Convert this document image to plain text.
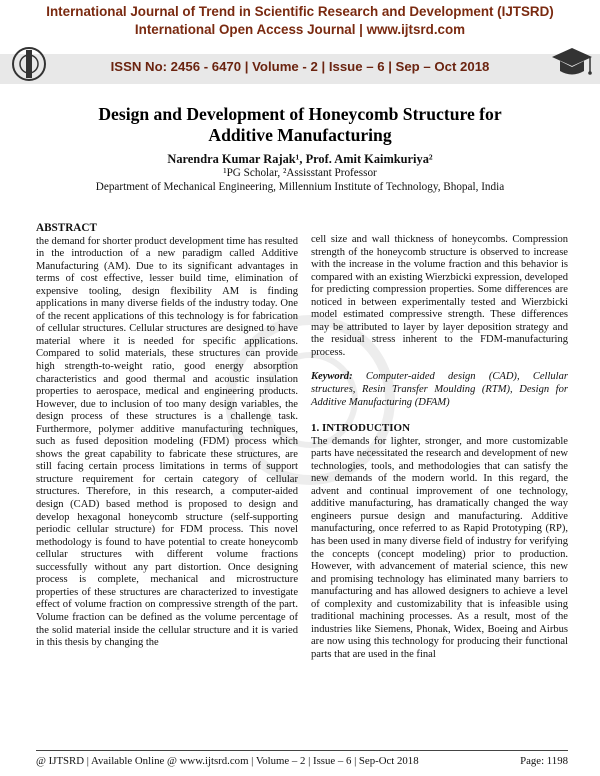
International Journal of Trend in Scientific Research and Development (IJTSRD)
International Open Access Journal | www.ijtsrd.com
ISSN No: 2456 - 6470 | Volume - 2 | Issue – 6 | Sep – Oct 2018
Design and Development of Honeycomb Structure for
Additive Manufacturing
Narendra Kumar Rajak¹, Prof. Amit Kaimkuriya²
¹PG Scholar, ²Assisstant Professor
Department of Mechanical Engineering, Millennium Institute of Technology, Bhopal, India
ABSTRACT

the demand for shorter product development time has resulted in the introduction of a new paradigm called Additive Manufacturing (AM). Due to its significant advantages in terms of cost effective, lesser build time, elimination of expensive tooling, design flexibility AM is finding applications in many diverse fields of the industry today. One of the recent applications of this technology is for fabrication of cellular structures. Cellular structures are designed to have material where it is needed for specific applications. Compared to solid materials, these structures can provide high strength-to-weight ratio, good energy absorption characteristics and good thermal and acoustic insulation properties to aerospace, medical and engineering products. However, due to inclusion of too many design variables, the design process of these structures is a challenge task. Furthermore, polymer additive manufacturing techniques, such as fused deposition modeling (FDM) process which shows the great capability to fabricate these structures, are still facing certain process limitations in terms of support structure requirement for certain category of cellular structures. Therefore, in this research, a computer-aided design (CAD) based method is proposed to design and develop hexagonal honeycomb structure (self-supporting periodic cellular structure) for FDM process. This novel methodology is found to have potential to create honeycomb cellular structures with different volume fractions successfully without any part distortion. Once designing process is complete, mechanical and microstructure properties of these structures are characterized to investigate effect of volume fraction on compressive strength of the part. Volume fraction can be defined as the volume percentage of the solid material inside the cellular structure and it is varied in this thesis by changing the

cell size and wall thickness of honeycombs. Compression strength of the honeycomb structure is observed to increase with the increase in the volume fraction and this behavior is compared with an existing Wierzbicki expression, developed for predicting compression properties. Some differences are noticed in between experimentally tested and Wierzbicki model estimated compressive strength. These differences may be attributed to layer by layer deposition strategy and the residual stress inherent to the FDM-manufacturing process.

Keyword: Computer-aided design (CAD), Cellular structures, Resin Transfer Moulding (RTM), Design for Additive Manufacturing (DFAM)

1. INTRODUCTION

The demands for lighter, stronger, and more customizable parts have necessitated the research and development of new technologies, tools, and methodologies that can satisfy the new demands of the modern world. In this regard, the advent and continual improvement of one technology, additive manufacturing, has dramatically changed the way engineers pursue design and manufacturing. Additive manufacturing, once referred to as Rapid Prototyping (RP), has been used in many diverse field of industry for verifying the concepts (concept modeling) prior to production. However, with advancement of material science, this new and promising technology has eliminated many barriers to manufacturing and has allowed designers to achieve a level of complexity and customizability that is infeasible using traditional machining processes. As a result, most of the industries like Siemens, Phonak, Widex, Boeing and Airbus are now using this technology for producing their functional parts that are used in the final

@ IJTSRD | Available Online @ www.ijtsrd.com | Volume – 2 | Issue – 6 | Sep-Oct 2018	Page: 1198
